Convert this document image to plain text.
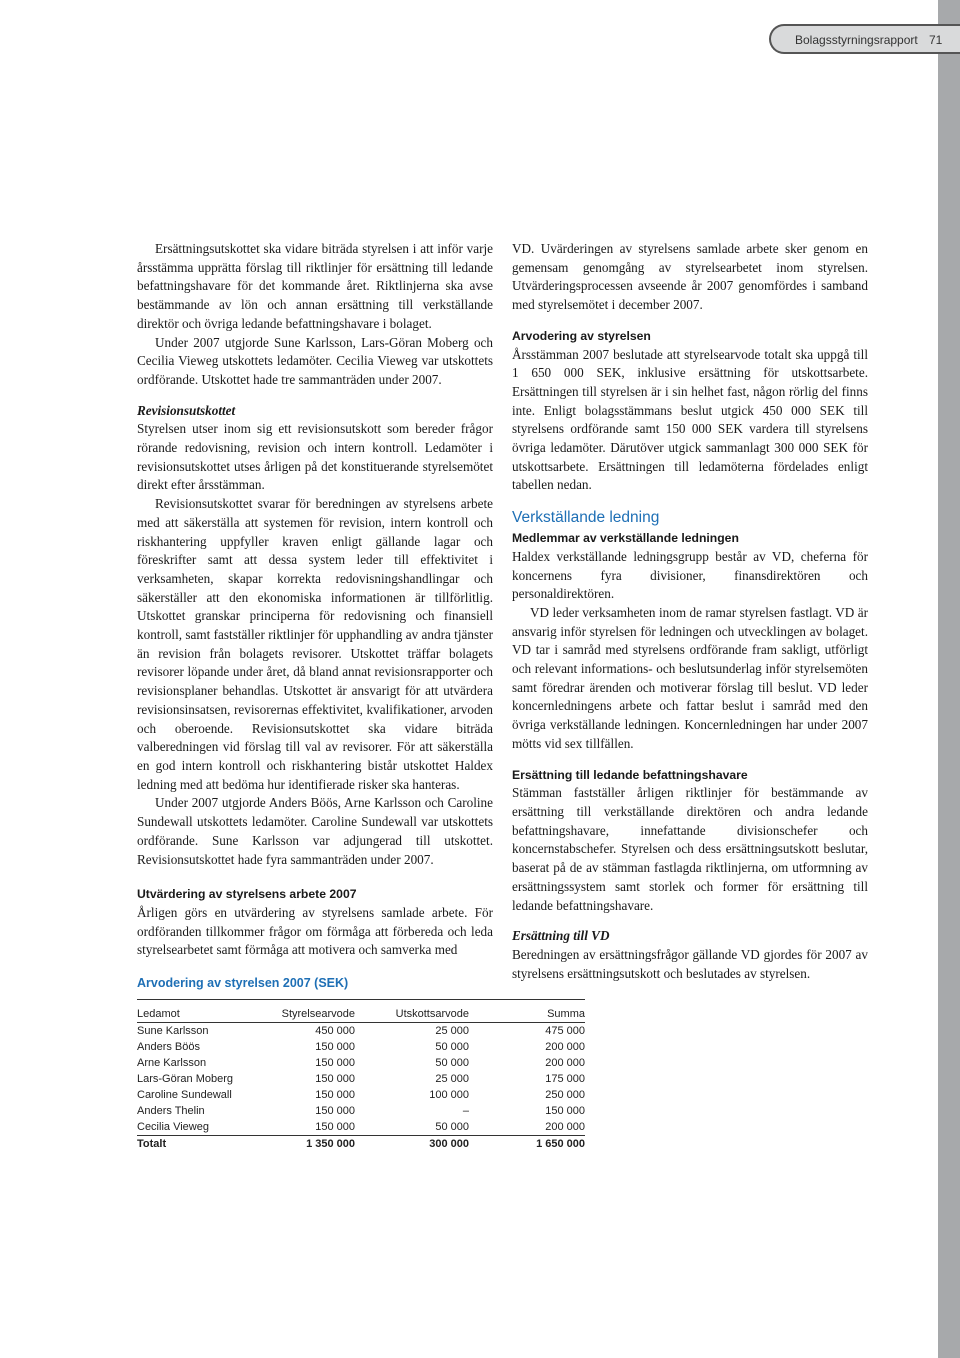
Bolagsstyrningsrapport 71

Ersättningsutskottet ska vidare biträda styrelsen i att inför varje årsstämma upprätta förslag till riktlinjer för ersättning till ledande befattningshavare för det kommande året. Riktlinjerna ska avse bestämmande av lön och annan ersättning till verkställande direktör och övriga ledande befattningshavare i bolaget.

Under 2007 utgjorde Sune Karlsson, Lars-Göran Moberg och Cecilia Vieweg utskottets ledamöter. Cecilia Vieweg var utskottets ordförande. Utskottet hade tre sammanträden under 2007.

Revisionsutskottet

Styrelsen utser inom sig ett revisionsutskott som bereder frågor rörande redovisning, revision och intern kontroll. Ledamöter i revisionsutskottet utses årligen på det konstituerande styrelsemötet direkt efter årsstämman.

Revisionsutskottet svarar för beredningen av styrelsens arbete med att säkerställa att systemen för revision, intern kontroll och riskhantering uppfyller kraven enligt gällande lagar och föreskrifter samt att dessa system leder till effektivitet i verksamheten, skapar korrekta redovisningshandlingar och säkerställer att den ekonomiska informationen är tillförlitlig. Utskottet granskar principerna för redovisning och finansiell kontroll, samt fastställer riktlinjer för upphandling av andra tjänster än revision från bolagets revisorer. Utskottet träffar bolagets revisorer löpande under året, då bland annat revisionsrapporter och revisionsplaner behandlas. Utskottet är ansvarigt för att utvärdera revisionsinsatsen, revisorernas effektivitet, kvalifikationer, arvoden och oberoende. Revisionsutskottet ska vidare biträda valberedningen vid förslag till val av revisorer. För att säkerställa en god intern kontroll och riskhantering bistår utskottet Haldex ledning med att bedöma hur identifierade risker ska hanteras.

Under 2007 utgjorde Anders Böös, Arne Karlsson och Caroline Sundewall utskottets ledamöter. Caroline Sundewall var utskottets ordförande. Sune Karlsson var adjungerad till utskottet. Revisionsutskottet hade fyra sammanträden under 2007.

Utvärdering av styrelsens arbete 2007

Årligen görs en utvärdering av styrelsens samlade arbete. För ordföranden tillkommer frågor om förmåga att förbereda och leda styrelsearbetet samt förmåga att motivera och samverka med

VD. Uvärderingen av styrelsens samlade arbete sker genom en gemensam genomgång av styrelsearbetet inom styrelsen. Utvärderingsprocessen avseende år 2007 genomfördes i samband med styrelsemötet i december 2007.

Arvodering av styrelsen

Årsstämman 2007 beslutade att styrelsearvode totalt ska uppgå till 1 650 000 SEK, inklusive ersättning för utskottsarbete. Ersättningen till styrelsen är i sin helhet fast, någon rörlig del finns inte. Enligt bolagsstämmans beslut utgick 450 000 SEK till styrelsens ordförande samt 150 000 SEK vardera till styrelsens övriga ledamöter. Därutöver utgick sammanlagt 300 000 SEK för utskottsarbete. Ersättningen till ledamöterna fördelades enligt tabellen nedan.

Verkställande ledning

Medlemmar av verkställande ledningen

Haldex verkställande ledningsgrupp består av VD, cheferna för koncernens fyra divisioner, finansdirektören och personaldirektören.

VD leder verksamheten inom de ramar styrelsen fastlagt. VD är ansvarig inför styrelsen för ledningen och utvecklingen av bolaget. VD tar i samråd med styrelsens ordförande fram sakligt, utförligt och relevant informations- och beslutsunderlag inför styrelsemöten samt föredrar ärenden och motiverar förslag till beslut. VD leder koncernledningens arbete och fattar beslut i samråd med den övriga verkställande ledningen. Koncernledningen har under 2007 mötts vid sex tillfällen.

Ersättning till ledande befattningshavare

Stämman fastställer årligen riktlinjer för bestämmande av ersättning till verkställande direktören och andra ledande befattningshavare, innefattande divisionschefer och koncernstabschefer. Styrelsen och dess ersättningsutskott beslutar, baserat på de av stämman fastlagda riktlinjerna, om utformning av ersättningssystem samt storlek och former för ersättning till ledande befattningshavare.

Ersättning till VD

Beredningen av ersättningsfrågor gällande VD gjordes för 2007 av styrelsens ersättningsutskott och beslutades av styrelsen.

Arvodering av styrelsen 2007 (SEK)
Ledamot	Styrelsearvode	Utskottsarvode	Summa
Sune Karlsson	450 000	25 000	475 000
Anders Böös	150 000	50 000	200 000
Arne Karlsson	150 000	50 000	200 000
Lars-Göran Moberg	150 000	25 000	175 000
Caroline Sundewall	150 000	100 000	250 000
Anders Thelin	150 000	–	150 000
Cecilia Vieweg	150 000	50 000	200 000
Totalt	1 350 000	300 000	1 650 000
